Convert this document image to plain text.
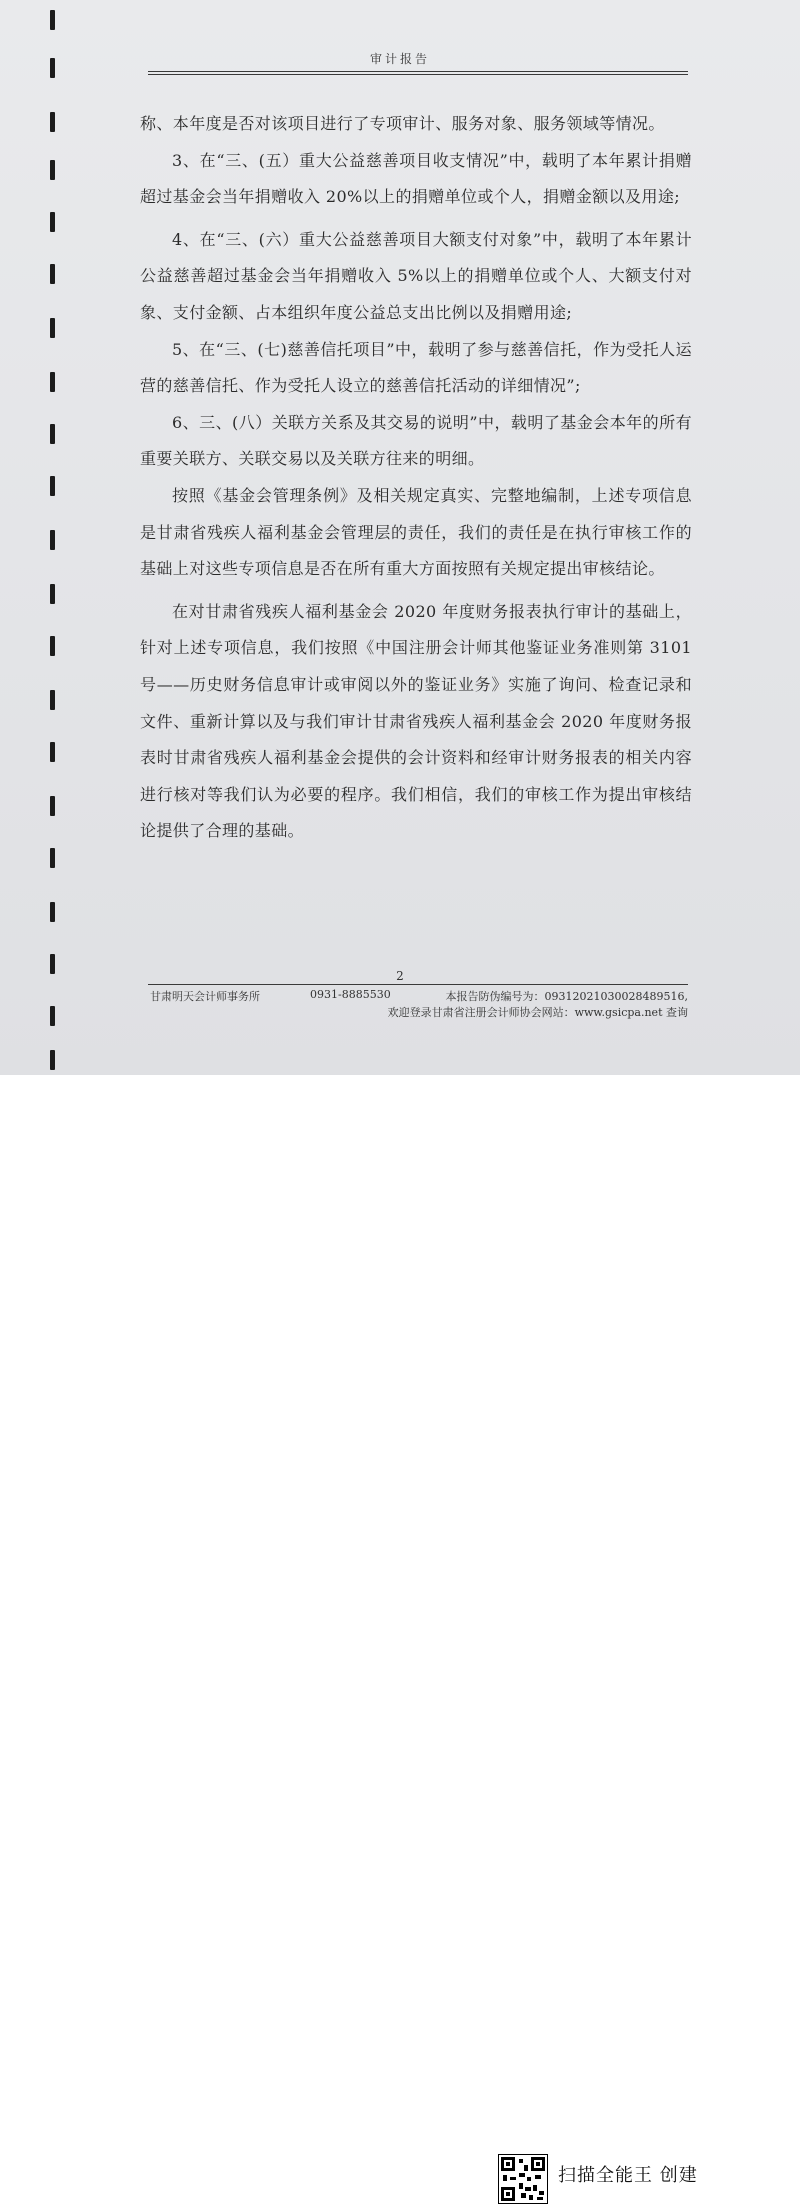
审计报告

称、本年度是否对该项目进行了专项审计、服务对象、服务领域等情况。

3、在“三、(五）重大公益慈善项目收支情况”中，载明了本年累计捐赠超过基金会当年捐赠收入 20%以上的捐赠单位或个人，捐赠金额以及用途;

4、在“三、(六）重大公益慈善项目大额支付对象”中，载明了本年累计公益慈善超过基金会当年捐赠收入 5%以上的捐赠单位或个人、大额支付对象、支付金额、占本组织年度公益总支出比例以及捐赠用途;

5、在“三、(七)慈善信托项目”中，载明了参与慈善信托，作为受托人运营的慈善信托、作为受托人设立的慈善信托活动的详细情况”;

6、三、(八）关联方关系及其交易的说明”中，载明了基金会本年的所有重要关联方、关联交易以及关联方往来的明细。

按照《基金会管理条例》及相关规定真实、完整地编制，上述专项信息是甘肃省残疾人福利基金会管理层的责任，我们的责任是在执行审核工作的基础上对这些专项信息是否在所有重大方面按照有关规定提出审核结论。

在对甘肃省残疾人福利基金会 2020 年度财务报表执行审计的基础上，针对上述专项信息，我们按照《中国注册会计师其他鉴证业务准则第 3101 号——历史财务信息审计或审阅以外的鉴证业务》实施了询问、检查记录和文件、重新计算以及与我们审计甘肃省残疾人福利基金会 2020 年度财务报表时甘肃省残疾人福利基金会提供的会计资料和经审计财务报表的相关内容进行核对等我们认为必要的程序。我们相信，我们的审核工作为提出审核结论提供了合理的基础。

2
甘肃明天会计师事务所	0931-8885530	本报告防伪编号为：09312021030028489516,
欢迎登录甘肃省注册会计师协会网站：www.gsicpa.net 查询
扫描全能王 创建
